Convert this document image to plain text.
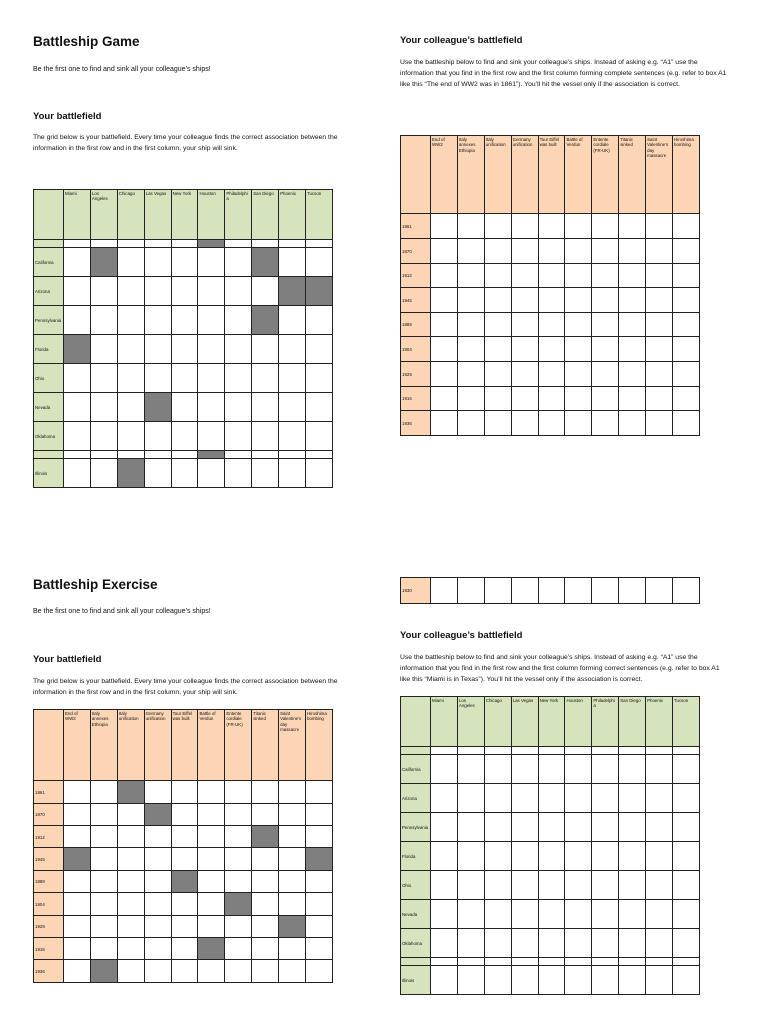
Battleship Game
Be the first one to find and sink all your colleague’s ships!
Your battlefield
The grid below is your battlefield. Every time your colleague finds the correct association between the information in the first row and in the first column, your ship will sink.
	Miami	Los Angeles	Chicago	Las Vegas	New York	Houston	Philadelphia	San Diego	Phoenix	Tucson

California										
Arizona										
Pennsylvania										
Florida										
Ohio										
Nevada										
Oklahoma										

Illinois										
Your colleague’s battlefield
Use the battleship below to find and sink your colleague’s ships. Instead of asking e.g. “A1” use the information that you find in the first row and the first column forming complete sentences (e.g. refer to box A1 like this “The end of WW2 was in 1861”). You’ll hit the vessel only if the association is correct.
	End of WW2	Italy annexes Ethiopia	Italy unification	Germany unification	Tour Eiffel was built	Battle of Verdun	Entente cordiale (FR-UK)	Titanic sinked	Saint Valentine’s day massacre	Hiroshima bombing
1861										
1870										
1912										
1945										
1889										
1904										
1929										
1916										
1936										
1930										
Battleship Exercise
Be the first one to find and sink all your colleague’s ships!
Your battlefield
The grid below is your battlefield. Every time your colleague finds the correct association between the information in the first row and in the first column, your ship will sink.
	End of WW2	Italy annexes Ethiopia	Italy unification	Germany unification	Tour Eiffel was built	Battle of Verdun	Entente cordiale (FR-UK)	Titanic sinked	Saint Valentine’s day massacre	Hiroshima bombing
1861										
1870										
1912										
1945										
1889										
1904										
1929										
1916										
1936										
Your colleague’s battlefield
Use the battleship below to find and sink your colleague’s ships. Instead of asking e.g. “A1” use the information that you find in the first row and the first column forming correct sentences (e.g. refer to box A1 like this “Miami is in Texas”). You’ll hit the vessel only if the association is correct.
	Miami	Los Angeles	Chicago	Las Vegas	New York	Houston	Philadelphia	San Diego	Phoenix	Tucson

California										
Arizona										
Pennsylvania										
Florida										
Ohio										
Nevada										
Oklahoma										

Illinois										
